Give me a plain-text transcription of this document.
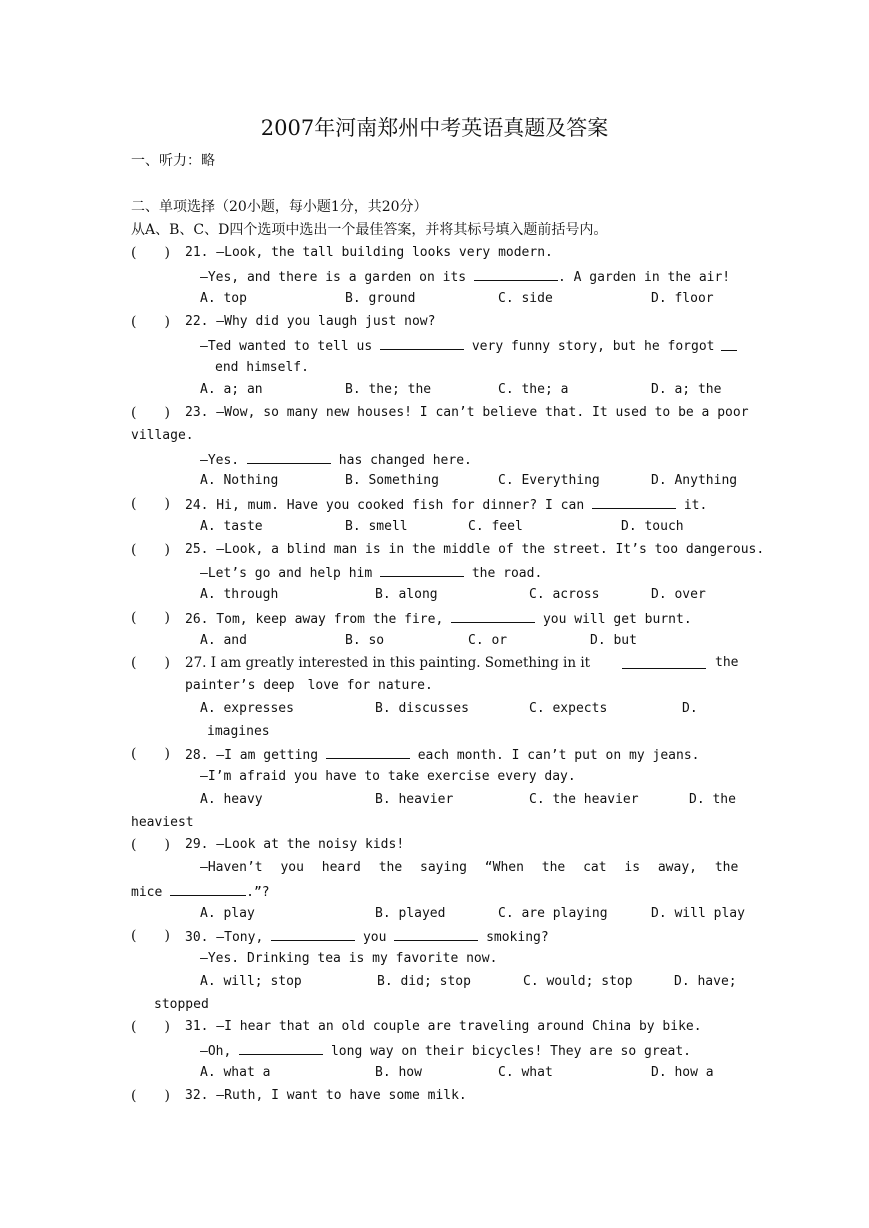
2007年河南郑州中考英语真题及答案
一、听力：略
二、单项选择（20小题，每小题1分，共20分）
从A、B、C、D四个选项中选出一个最佳答案，并将其标号填入题前括号内。
(　　) 21. —Look, the tall building looks very modern.
—Yes, and there is a garden on its	. A garden in the air!
A. top	B. ground	C. side	D. floor
(　　) 22. —Why did you laugh just now?
—Ted wanted to tell us	very funny story, but he forgot
end himself.
A. a; an	B. the; the	C. the; a	D. a; the
(　　) 23. —Wow, so many new houses! I can’t believe that. It used to be a poor
village.
—Yes.	has changed here.
A. Nothing	B. Something	C. Everything	D. Anything
(　　) 24. Hi, mum. Have you cooked fish for dinner? I can	it.
A. taste	B. smell	C. feel	D. touch
(　　) 25. —Look, a blind man is in the middle of the street. It’s too dangerous.
—Let’s go and help him	the road.
A. through	B. along	C. across	D. over
(　　) 26. Tom, keep away from the fire,	you will get burnt.
A. and	B. so	C. or	D. but
(　　) 27. I am greatly interested in this painting. Something in it	the
painter’s deep　love for nature.
A. expresses	B. discusses	C. expects	D.
imagines
(　　) 28. —I am getting	each month. I can’t put on my jeans.
—I’m afraid you have to take exercise every day.
A. heavy	B. heavier	C. the heavier	D. the
heaviest
(　　) 29. —Look at the noisy kids!
—Haven’t you heard the saying “When the cat is away, the
mice	.”?
A. play	B. played	C. are playing	D. will play
(　　) 30. —Tony,	you	smoking?
—Yes. Drinking tea is my favorite now.
A. will; stop	B. did; stop	C. would; stop	D. have;
stopped
(　　) 31. —I hear that an old couple are traveling around China by bike.
—Oh,	long way on their bicycles! They are so great.
A. what a	B. how	C. what	D. how a
(　　) 32. —Ruth, I want to have some milk.
